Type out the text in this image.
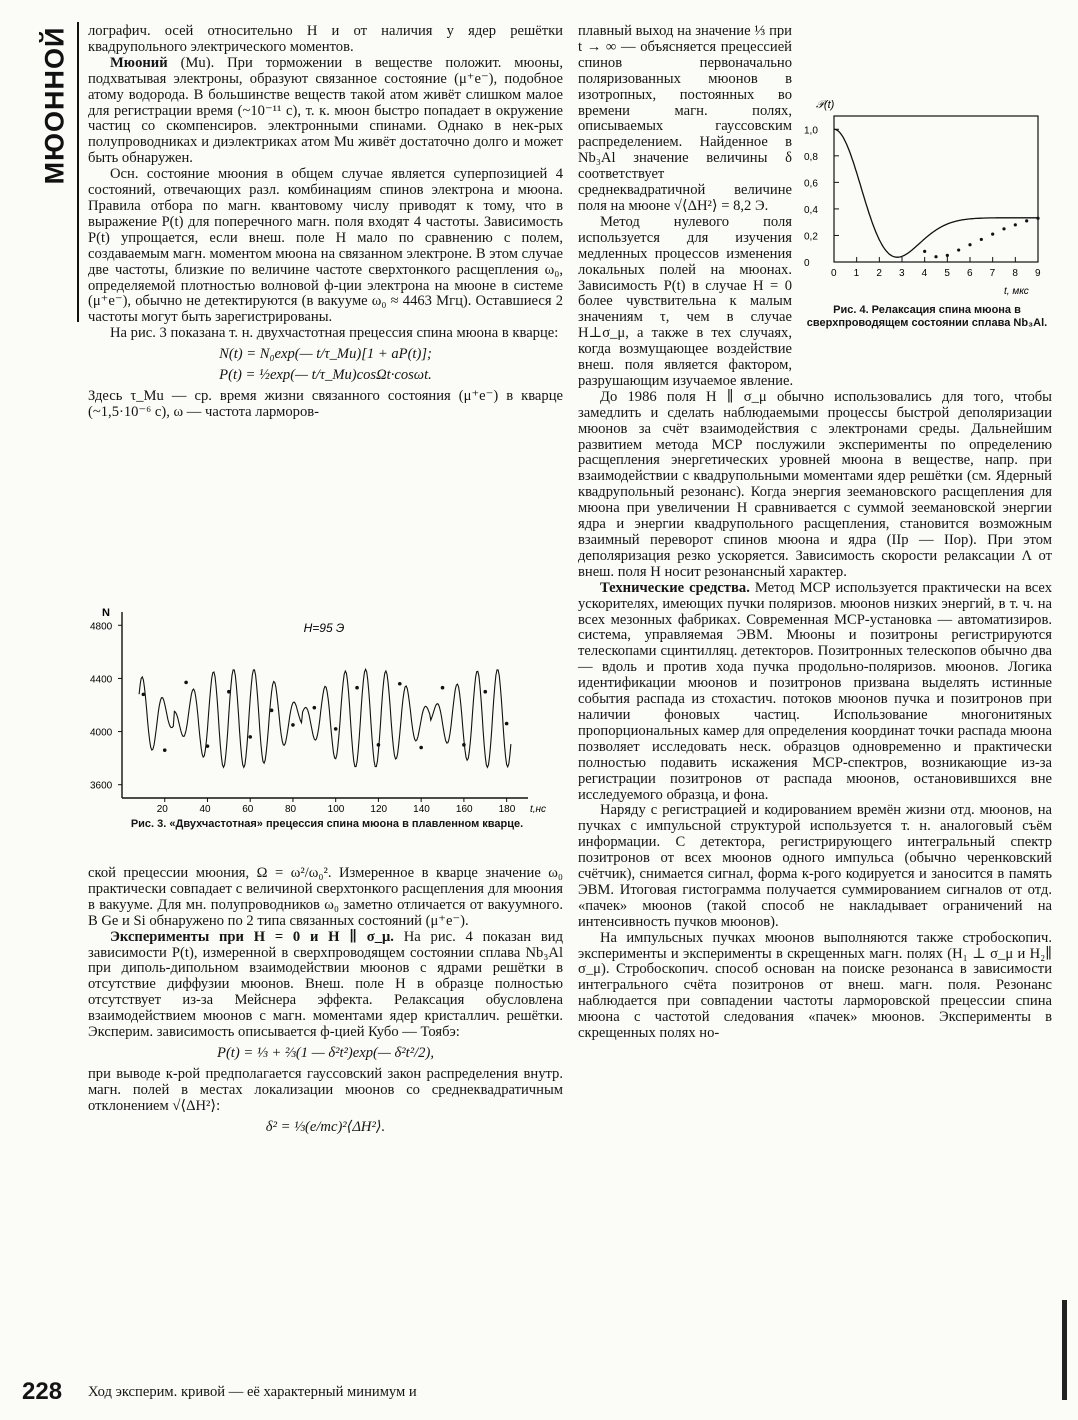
МЮОННОЙ лографич. осей относительно H и от наличия у ядер решётки квадрупольного электрического моментов.

Мюоний (Mu). При торможении в веществе положит. мюоны, подхватывая электроны, образуют связанное состояние (μ⁺e⁻), подобное атому водорода. В большинстве веществ такой атом живёт слишком малое для регистрации время (~10⁻¹¹ с), т. к. мюон быстро попадает в окружение частиц со скомпенсиров. электронными спинами. Однако в нек-рых полупроводниках и диэлектриках атом Mu живёт достаточно долго и может быть обнаружен.

Осн. состояние мюония в общем случае является суперпозицией 4 состояний, отвечающих разл. комбинациям спинов электрона и мюона. Правила отбора по магн. квантовому числу приводят к тому, что в выражение P(t) для поперечного магн. поля входят 4 частоты. Зависимость P(t) упрощается, если внеш. поле H мало по сравнению с полем, создаваемым магн. моментом мюона на связанном электроне. В этом случае две частоты, близкие по величине частоте сверхтонкого расщепления ω₀, определяемой плотностью волновой ф-ции электрона на мюоне в системе (μ⁺e⁻), обычно не детектируются (в вакууме ω₀ ≈ 4463 Мгц). Оставшиеся 2 частоты могут быть зарегистрированы.

На рис. 3 показана т. н. двухчастотная прецессия спина мюона в кварце:

N(t) = N₀exp(— t/τ_Mu)[1 + aP(t)];
P(t) = ½exp(— t/τ_Mu)cosΩt·cosωt.

Здесь τ_Mu — ср. время жизни связанного состояния (μ⁺e⁻) в кварце (~1,5·10⁻⁶ с), ω — частота ларморов-

N
4800
4400
4000
3600
20	40	60	80	100	120	140	160	180 t,нс
H=95 Э
Рис. 3. «Двухчастотная» прецессия спина мюона в плавленном кварце.

ской прецессии мюония, Ω = ω²/ω₀². Измеренное в кварце значение ω₀ практически совпадает с величиной сверхтонкого расщепления для мюония в вакууме. Для мн. полупроводников ω₀ заметно отличается от вакуумного. В Ge и Si обнаружено по 2 типа связанных состояний (μ⁺e⁻).

Эксперименты при H = 0 и H ∥ σ_μ. На рис. 4 показан вид зависимости P(t), измеренной в сверхпроводящем состоянии сплава Nb₃Al при диполь-дипольном взаимодействии мюонов с ядрами решётки в отсутствие диффузии мюонов. Внеш. поле H в образце полностью отсутствует из-за Мейснера эффекта. Релаксация обусловлена взаимодействием мюонов с магн. моментами ядер кристаллич. решётки. Эксперим. зависимость описывается ф-цией Кубо — Тоябэ:

P(t) = ⅓ + ⅔(1 — δ²t²)exp(— δ²t²/2),

при выводе к-рой предполагается гауссовский закон распределения внутр. магн. полей в местах локализации мюонов со среднеквадратичным отклонением √⟨ΔH²⟩:

δ² = ⅓(e/mc)²⟨ΔH²⟩.
228 Ход эксперим. кривой — её характерный минимум и

плавный выход на значение ⅓ при t → ∞ — объясняется прецессией спинов первоначально поляризованных мюонов в изотропных, постоянных во времени магн. полях, описываемых гауссовским распределением. Найденное в Nb₃Al значение величины δ соответствует среднеквадратичной величине поля на мюоне √⟨ΔH²⟩ = 8,2 Э.

Метод нулевого поля используется для изучения медленных процессов изменения локальных полей на мюонах. Зависимость P(t) в случае H = 0 более чувствительна к малым значениям τ, чем в случае H⊥σ_μ, а также в тех случаях, когда возмущающее воздействие внеш. поля является фактором, разрушающим изучаемое явление.

До 1986 поля H ∥ σ_μ обычно использовались для того, чтобы замедлить и сделать наблюдаемыми процессы быстрой деполяризации мюонов за счёт взаимодействия с электронами среды. Дальнейшим развитием метода МСР послужили эксперименты по определению расщепления энергетических уровней мюона в веществе, напр. при взаимодействии с квадрупольными моментами ядер решётки (см. Ядерный квадрупольный резонанс). Когда энергия зеемановского расщепления для мюона при увеличении H сравнивается с суммой зеемановской энергии ядра и энергии квадрупольного расщепления, становится возможным взаимный переворот спинов мюона и ядра (IIр — IIор). При этом деполяризация резко ускоряется. Зависимость скорости релаксации Λ от внеш. поля H носит резонансный характер.

Технические средства. Метод МСР используется практически на всех ускорителях, имеющих пучки поляризов. мюонов низких энергий, в т. ч. на всех мезонных фабриках. Современная МСР-установка — автоматизиров. система, управляемая ЭВМ. Мюоны и позитроны регистрируются телескопами сцинтилляц. детекторов. Позитронных телескопов обычно два — вдоль и против хода пучка продольно-поляризов. мюонов. Логика идентификации мюонов и позитронов призвана выделять истинные события распада из стохастич. потоков мюонов пучка и позитронов при наличии фоновых частиц. Использование многонитяных пропорциональных камер для определения координат точки распада мюона позволяет исследовать неск. образцов одновременно и практически полностью подавить искажения МСР-спектров, возникающие из-за регистрации позитронов от распада мюонов, остановившихся вне исследуемого образца, и фона.

Наряду с регистрацией и кодированием времён жизни отд. мюонов, на пучках с импульсной структурой используется т. н. аналоговый съём информации. С детектора, регистрирующего интегральный спектр позитронов от всех мюонов одного импульса (обычно черенковский счётчик), снимается сигнал, форма к-рого кодируется и заносится в память ЭВМ. Итоговая гистограмма получается суммированием сигналов от отд. «пачек» мюонов (такой способ не накладывает ограничений на интенсивность пучков мюонов).

На импульсных пучках мюонов выполняются также стробоскопич. эксперименты и эксперименты в скрещенных магн. полях (H₁ ⊥ σ_μ и H₂∥ σ_μ). Стробоскопич. способ основан на поиске резонанса в зависимости интегрального счёта позитронов от внеш. магн. поля. Резонанс наблюдается при совпадении частоты ларморовской прецессии спина мюона с частотой следования «пачек» мюонов. Эксперименты в скрещенных полях но-

𝒫(t)
1,0
0,8
0,6
0,4
0,2
0
0 1 2 3 4 5 6 7 8 9
t, мкс
Рис. 4. Релаксация спина мюона в сверхпроводящем состоянии сплава Nb₃Al.
